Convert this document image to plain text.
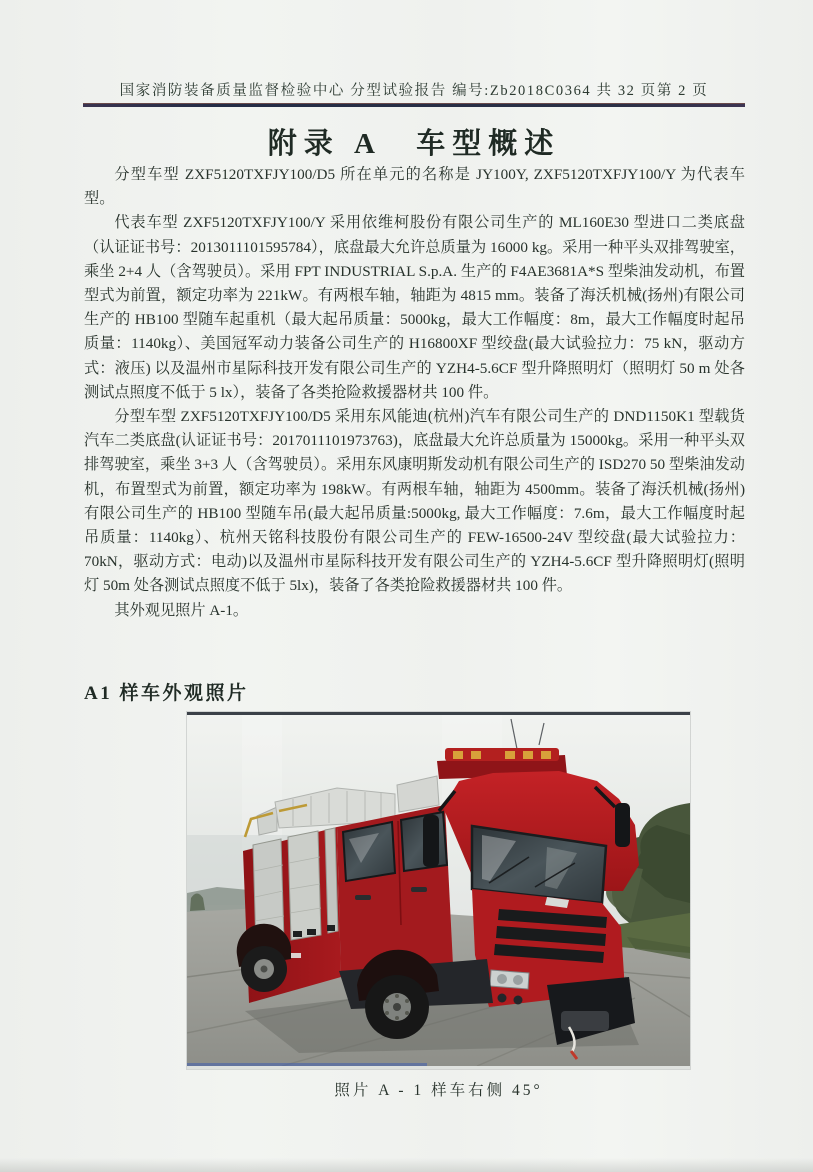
国家消防装备质量监督检验中心 分型试验报告 编号:Zb2018C0364 共 32 页第 2 页
附录 A　车型概述

分型车型 ZXF5120TXFJY100/D5 所在单元的名称是 JY100Y, ZXF5120TXFJY100/Y 为代表车型。

代表车型 ZXF5120TXFJY100/Y 采用依维柯股份有限公司生产的 ML160E30 型进口二类底盘（认证证书号：2013011101595784），底盘最大允许总质量为 16000 kg。采用一种平头双排驾驶室，乘坐 2+4 人（含驾驶员）。采用 FPT INDUSTRIAL S.p.A. 生产的 F4AE3681A*S 型柴油发动机，布置型式为前置，额定功率为 221kW。有两根车轴，轴距为 4815 mm。装备了海沃机械(扬州)有限公司生产的 HB100 型随车起重机（最大起吊质量：5000kg，最大工作幅度：8m，最大工作幅度时起吊质量：1140kg）、美国冠军动力装备公司生产的 H16800XF 型绞盘(最大试验拉力：75 kN，驱动方式：液压) 以及温州市星际科技开发有限公司生产的 YZH4-5.6CF 型升降照明灯（照明灯 50 m 处各测试点照度不低于 5 lx），装备了各类抢险救援器材共 100 件。

分型车型 ZXF5120TXFJY100/D5 采用东风能迪(杭州)汽车有限公司生产的 DND1150K1 型载货汽车二类底盘(认证证书号：2017011101973763)，底盘最大允许总质量为 15000kg。采用一种平头双排驾驶室，乘坐 3+3 人（含驾驶员）。采用东风康明斯发动机有限公司生产的 ISD270 50 型柴油发动机，布置型式为前置，额定功率为 198kW。有两根车轴，轴距为 4500mm。装备了海沃机械(扬州)有限公司生产的 HB100 型随车吊(最大起吊质量:5000kg, 最大工作幅度：7.6m，最大工作幅度时起吊质量：1140kg）、杭州天铭科技股份有限公司生产的 FEW-16500-24V 型绞盘(最大试验拉力：70kN，驱动方式：电动)以及温州市星际科技开发有限公司生产的 YZH4-5.6CF 型升降照明灯(照明灯 50m 处各测试点照度不低于 5lx)，装备了各类抢险救援器材共 100 件。

其外观见照片 A-1。

A1 样车外观照片
照片 A - 1 样车右侧 45°
